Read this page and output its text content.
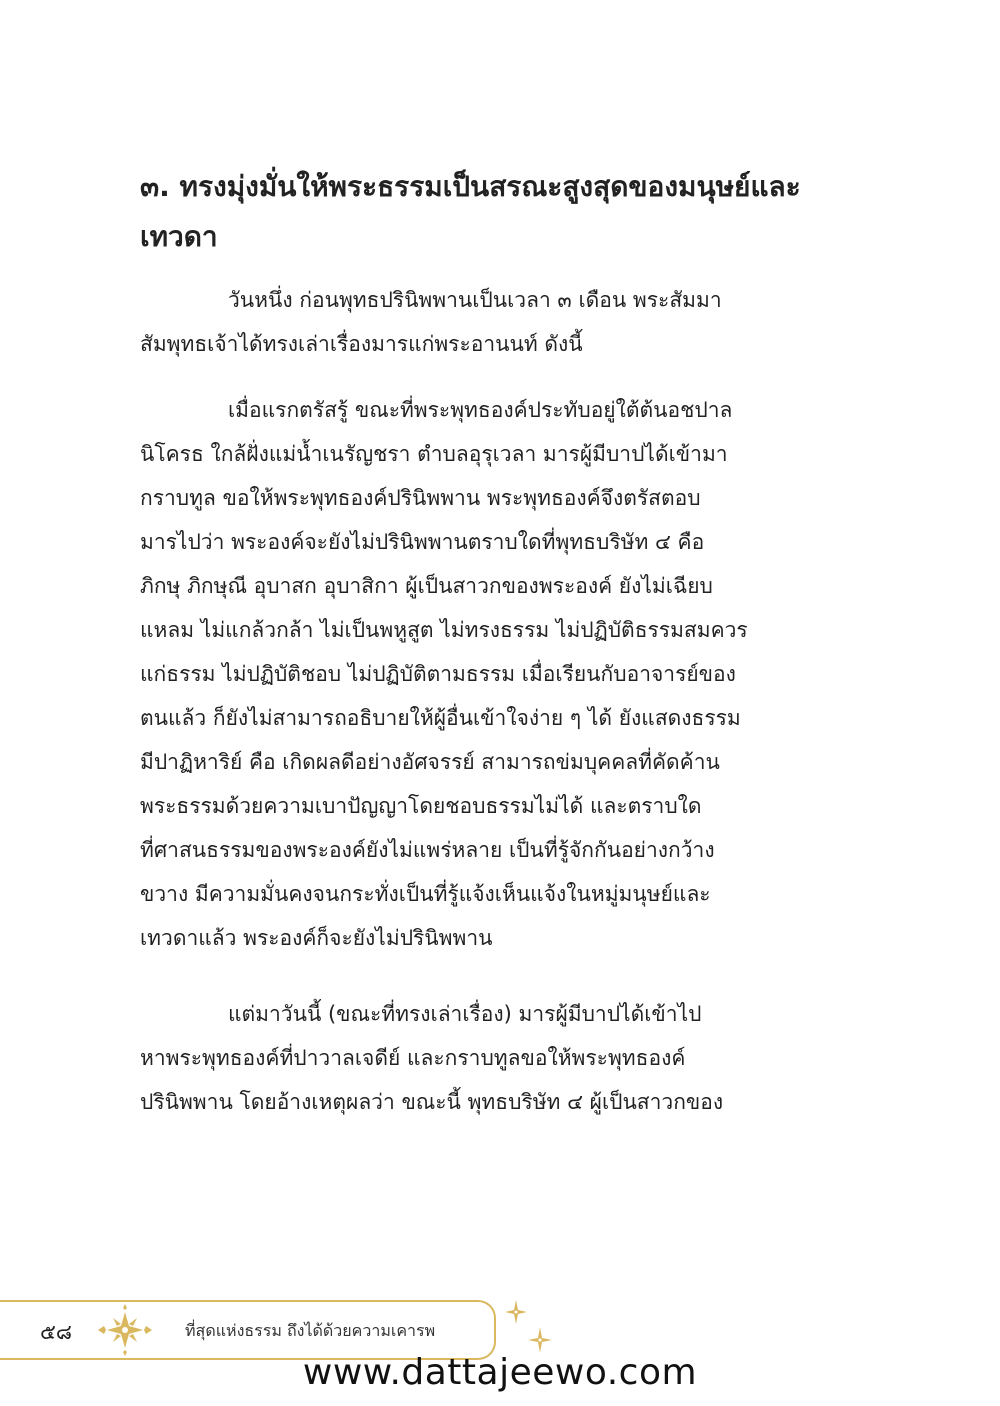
๓. ทรงมุ่งมั่นให้พระธรรมเป็นสรณะสูงสุดของมนุษย์และ
เทวดา

วันหนึ่ง ก่อนพุทธปรินิพพานเป็นเวลา ๓ เดือน พระสัมมา
สัมพุทธเจ้าได้ทรงเล่าเรื่องมารแก่พระอานนท์ ดังนี้

เมื่อแรกตรัสรู้ ขณะที่พระพุทธองค์ประทับอยู่ใต้ต้นอชปาล
นิโครธ ใกล้ฝั่งแม่น้ำเนรัญชรา ตำบลอุรุเวลา มารผู้มีบาปได้เข้ามา
กราบทูล ขอให้พระพุทธองค์ปรินิพพาน พระพุทธองค์จึงตรัสตอบ
มารไปว่า พระองค์จะยังไม่ปรินิพพานตราบใดที่พุทธบริษัท ๔ คือ
ภิกษุ ภิกษุณี อุบาสก อุบาสิกา ผู้เป็นสาวกของพระองค์ ยังไม่เฉียบ
แหลม ไม่แกล้วกล้า ไม่เป็นพหูสูต ไม่ทรงธรรม ไม่ปฏิบัติธรรมสมควร
แก่ธรรม ไม่ปฏิบัติชอบ ไม่ปฏิบัติตามธรรม เมื่อเรียนกับอาจารย์ของ
ตนแล้ว ก็ยังไม่สามารถอธิบายให้ผู้อื่นเข้าใจง่าย ๆ ได้ ยังแสดงธรรม
มีปาฏิหาริย์ คือ เกิดผลดีอย่างอัศจรรย์ สามารถข่มบุคคลที่คัดค้าน
พระธรรมด้วยความเบาปัญญาโดยชอบธรรมไม่ได้ และตราบใด
ที่ศาสนธรรมของพระองค์ยังไม่แพร่หลาย เป็นที่รู้จักกันอย่างกว้าง
ขวาง มีความมั่นคงจนกระทั่งเป็นที่รู้แจ้งเห็นแจ้งในหมู่มนุษย์และ
เทวดาแล้ว พระองค์ก็จะยังไม่ปรินิพพาน

แต่มาวันนี้ (ขณะที่ทรงเล่าเรื่อง) มารผู้มีบาปได้เข้าไป
หาพระพุทธองค์ที่ปาวาลเจดีย์ และกราบทูลขอให้พระพุทธองค์
ปรินิพพาน โดยอ้างเหตุผลว่า ขณะนี้ พุทธบริษัท ๔ ผู้เป็นสาวกของ

๕๘	ที่สุดแห่งธรรม ถึงได้ด้วยความเคารพ
www.dattajeewo.com
